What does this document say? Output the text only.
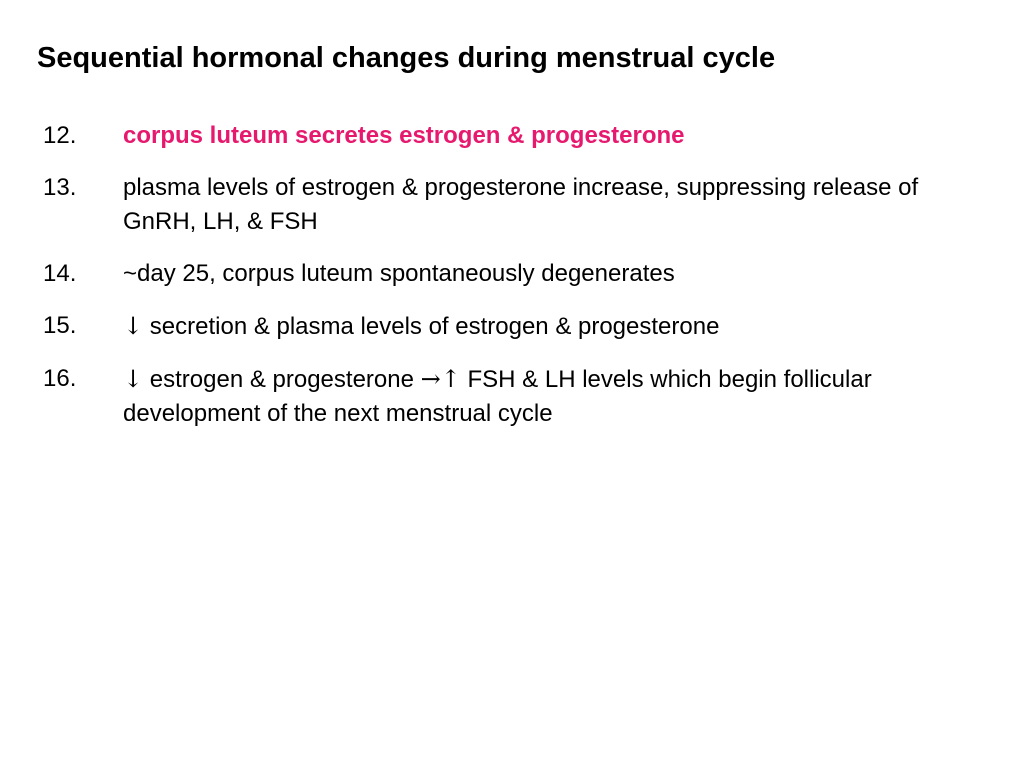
Sequential hormonal changes during menstrual cycle
12. corpus luteum secretes estrogen & progesterone
13. plasma levels of estrogen & progesterone increase, suppressing release of GnRH, LH, & FSH
14. ~day 25, corpus luteum spontaneously degenerates
15. ↓ secretion & plasma levels of estrogen & progesterone
16. ↓ estrogen & progesterone →↑ FSH & LH levels which begin follicular development of the next menstrual cycle
